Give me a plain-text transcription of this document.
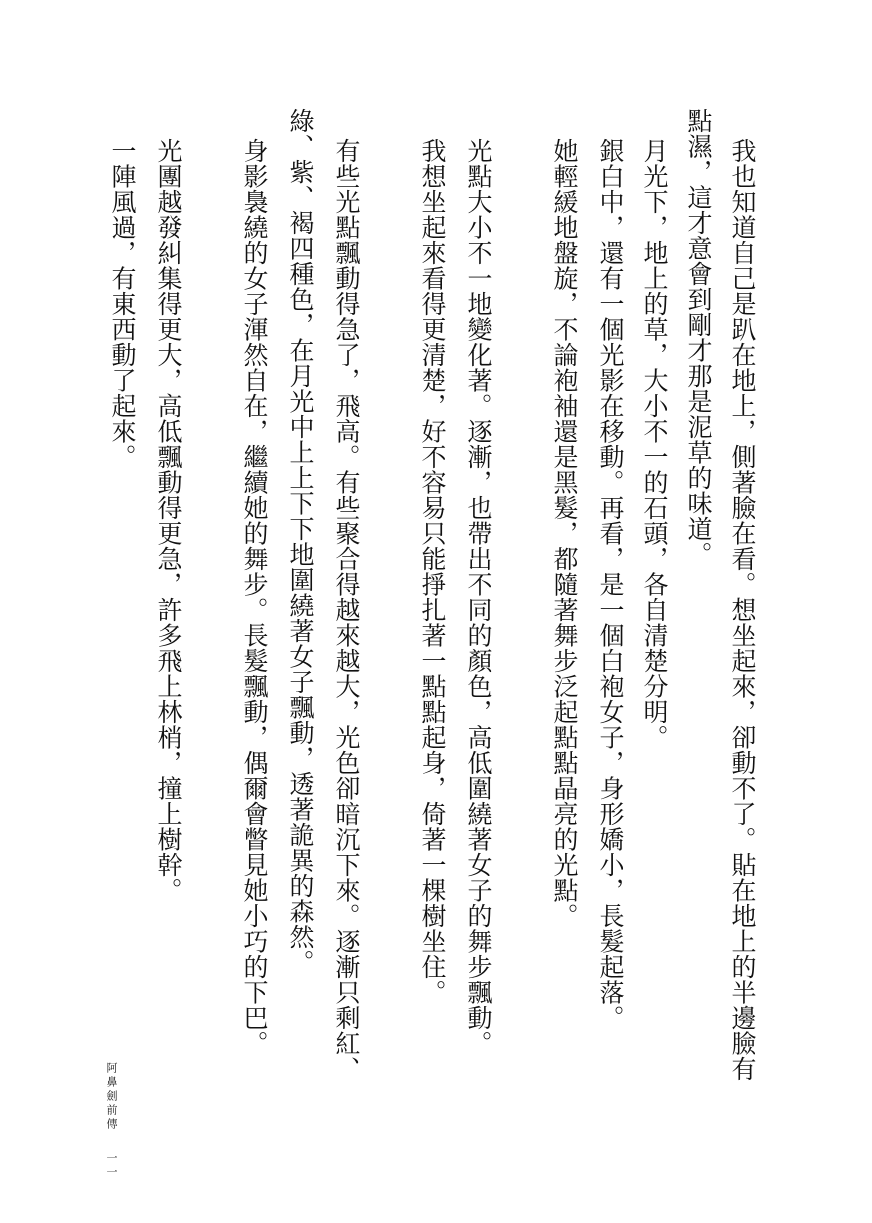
我也知道自己是趴在地上，側著臉在看。想坐起來，卻動不了。貼在地上的半邊臉有
點濕，這才意會到剛才那是泥草的味道。
月光下，地上的草，大小不一的石頭，各自清楚分明。
銀白中，還有一個光影在移動。再看，是一個白袍女子，身形嬌小，長髮起落。
她輕緩地盤旋，不論袍袖還是黑髮，都隨著舞步泛起點點晶亮的光點。
光點大小不一地變化著。逐漸，也帶出不同的顏色，高低圍繞著女子的舞步飄動。
我想坐起來看得更清楚，好不容易只能掙扎著一點點起身，倚著一棵樹坐住。
有些光點飄動得急了，飛高。有些聚合得越來越大，光色卻暗沉下來。逐漸只剩紅、
綠、紫、褐四種色，在月光中上上下下地圍繞著女子飄動，透著詭異的森然。
身影裊繞的女子渾然自在，繼續她的舞步。長髮飄動，偶爾會瞥見她小巧的下巴。
光團越發糾集得更大，高低飄動得更急，許多飛上林梢，撞上樹幹。
一陣風過，有東西動了起來。
阿鼻劍前傳
一一
